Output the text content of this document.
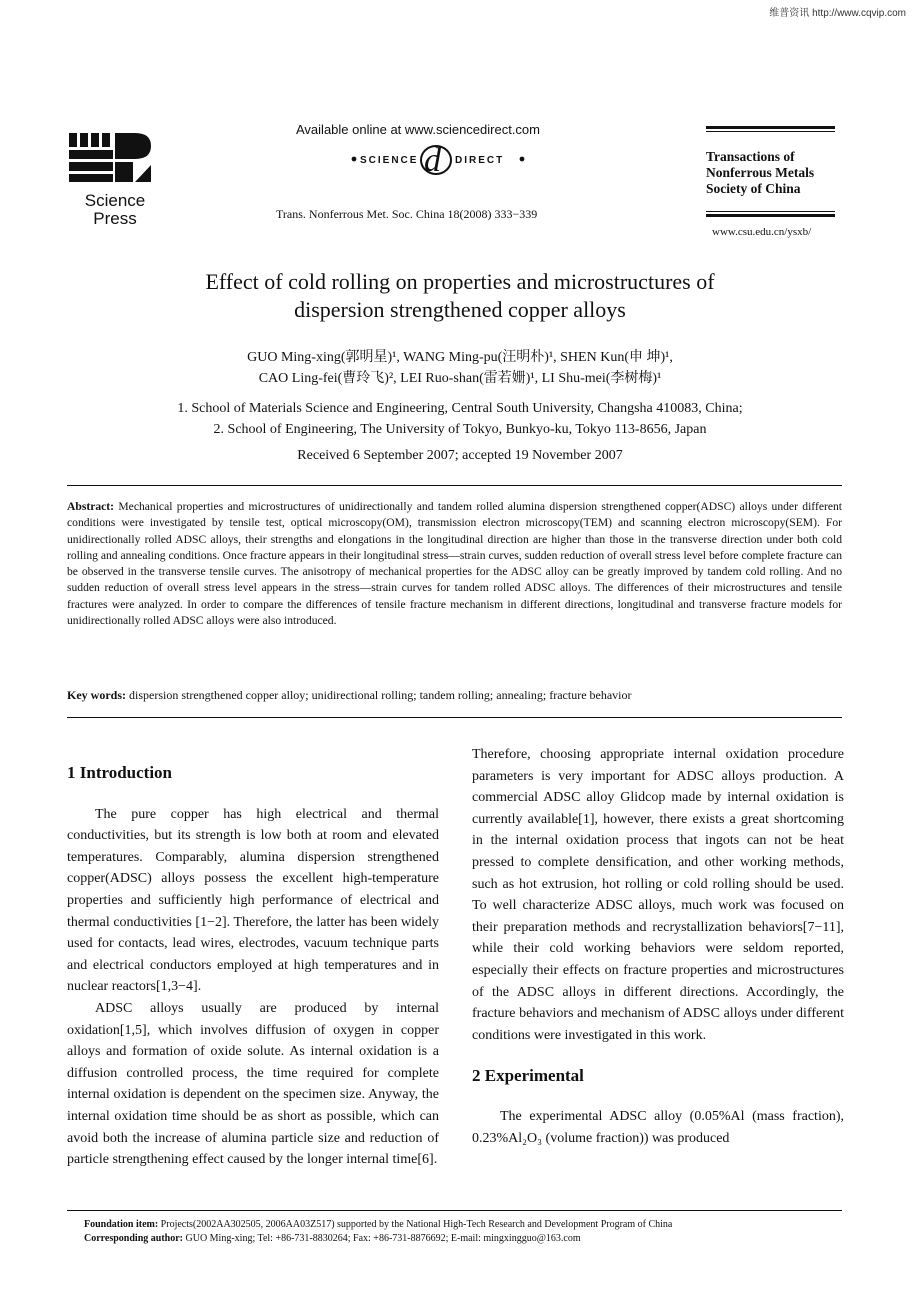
维普资讯 http://www.cqvip.com
Science
Press
Available online at www.sciencedirect.com
SCIENCE d DIRECT
Trans. Nonferrous Met. Soc. China 18(2008) 333−339
Transactions of
Nonferrous Metals
Society of China
www.csu.edu.cn/ysxb/
Effect of cold rolling on properties and microstructures of
dispersion strengthened copper alloys
GUO Ming-xing(郭明星)¹, WANG Ming-pu(汪明朴)¹, SHEN Kun(申 坤)¹,
CAO Ling-fei(曹玲飞)², LEI Ruo-shan(雷若姗)¹, LI Shu-mei(李树梅)¹
1. School of Materials Science and Engineering, Central South University, Changsha 410083, China;
2. School of Engineering, The University of Tokyo, Bunkyo-ku, Tokyo 113-8656, Japan
Received 6 September 2007; accepted 19 November 2007
Abstract: Mechanical properties and microstructures of unidirectionally and tandem rolled alumina dispersion strengthened copper(ADSC) alloys under different conditions were investigated by tensile test, optical microscopy(OM), transmission electron microscopy(TEM) and scanning electron microscopy(SEM). For unidirectionally rolled ADSC alloys, their strengths and elongations in the longitudinal direction are higher than those in the transverse direction under both cold rolling and annealing conditions. Once fracture appears in their longitudinal stress—strain curves, sudden reduction of overall stress level before complete fracture can be observed in the transverse tensile curves. The anisotropy of mechanical properties for the ADSC alloy can be greatly improved by tandem cold rolling. And no sudden reduction of overall stress level appears in the stress—strain curves for tandem rolled ADSC alloys. The differences of their microstructures and tensile fractures were analyzed. In order to compare the differences of tensile fracture mechanism in different directions, longitudinal and transverse fracture models for unidirectionally rolled ADSC alloys were also introduced.
Key words: dispersion strengthened copper alloy; unidirectional rolling; tandem rolling; annealing; fracture behavior
1 Introduction

The pure copper has high electrical and thermal conductivities, but its strength is low both at room and elevated temperatures. Comparably, alumina dispersion strengthened copper(ADSC) alloys possess the excellent high-temperature properties and sufficiently high performance of electrical and thermal conductivities [1−2]. Therefore, the latter has been widely used for contacts, lead wires, electrodes, vacuum technique parts and electrical conductors employed at high temperatures and in nuclear reactors[1,3−4].

ADSC alloys usually are produced by internal oxidation[1,5], which involves diffusion of oxygen in copper alloys and formation of oxide solute. As internal oxidation is a diffusion controlled process, the time required for complete internal oxidation is dependent on the specimen size. Anyway, the internal oxidation time should be as short as possible, which can avoid both the increase of alumina particle size and reduction of particle strengthening effect caused by the longer internal time[6].

Therefore, choosing appropriate internal oxidation procedure parameters is very important for ADSC alloys production. A commercial ADSC alloy Glidcop made by internal oxidation is currently available[1], however, there exists a great shortcoming in the internal oxidation process that ingots can not be heat pressed to complete densification, and other working methods, such as hot extrusion, hot rolling or cold rolling should be used. To well characterize ADSC alloys, much work was focused on their preparation methods and recrystallization behaviors[7−11], while their cold working behaviors were seldom reported, especially their effects on fracture properties and microstructures of the ADSC alloys in different directions. Accordingly, the fracture behaviors and mechanism of ADSC alloys under different conditions were investigated in this work.

2 Experimental

The experimental ADSC alloy (0.05%Al (mass fraction), 0.23%Al₂O₃ (volume fraction)) was produced

Foundation item: Projects(2002AA302505, 2006AA03Z517) supported by the National High-Tech Research and Development Program of China
Corresponding author: GUO Ming-xing; Tel: +86-731-8830264; Fax: +86-731-8876692; E-mail: mingxingguo@163.com
